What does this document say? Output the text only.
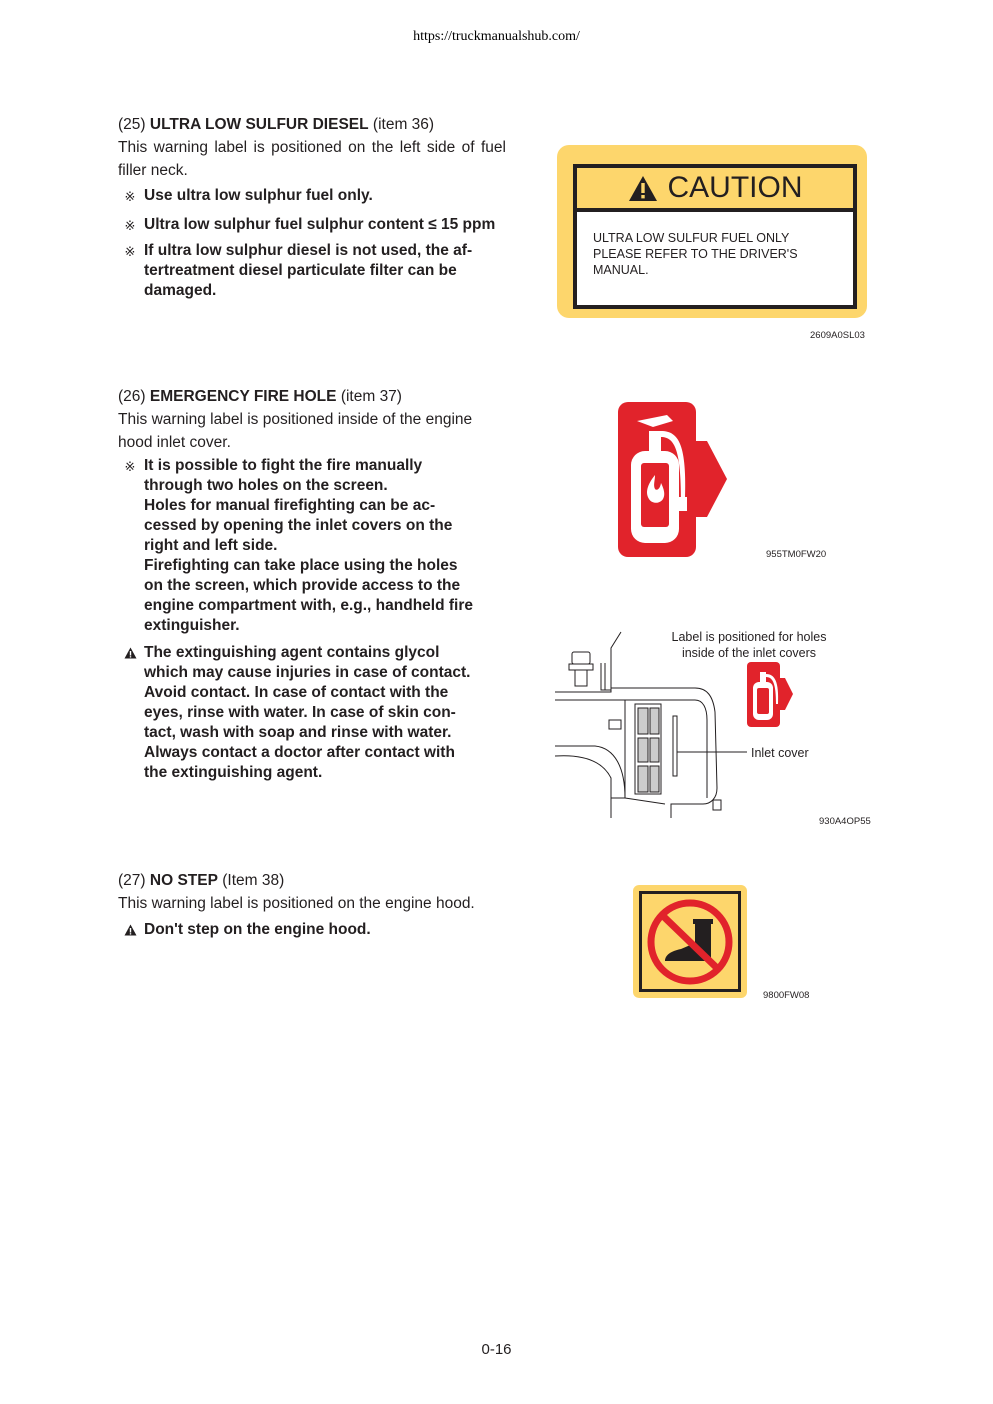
https://truckmanualshub.com/
(25) ULTRA LOW SULFUR DIESEL (item 36)
This warning label is positioned on the left side of fuel filler neck.
※ Use ultra low sulphur fuel only.
※ Ultra low sulphur fuel sulphur content ≤ 15 ppm
※ If ultra low sulphur diesel is not used, the af-tertreatment diesel particulate filter can be damaged.
CAUTION
ULTRA LOW SULFUR FUEL ONLY
PLEASE REFER TO THE DRIVER'S
MANUAL.
2609A0SL03
(26) EMERGENCY FIRE HOLE (item 37)
This warning label is positioned inside of the engine hood inlet cover.
※ It is possible to fight the fire manually
through two holes on the screen.
Holes for manual firefighting can be ac-
cessed by opening the inlet covers on the
right and left side.
Firefighting can take place using the holes
on the screen, which provide access to the
engine compartment with, e.g., handheld fire
extinguisher.
The extinguishing agent contains glycol
which may cause injuries in case of contact.
Avoid contact. In case of contact with the
eyes, rinse with water. In case of skin con-
tact, wash with soap and rinse with water.
Always contact a doctor after contact with
the extinguishing agent.
955TM0FW20
Label is positioned for holes
inside of the inlet covers
Inlet cover
930A4OP55
(27) NO STEP (Item 38)
This warning label is positioned on the engine hood.
Don't step on the engine hood.
9800FW08
0-16
